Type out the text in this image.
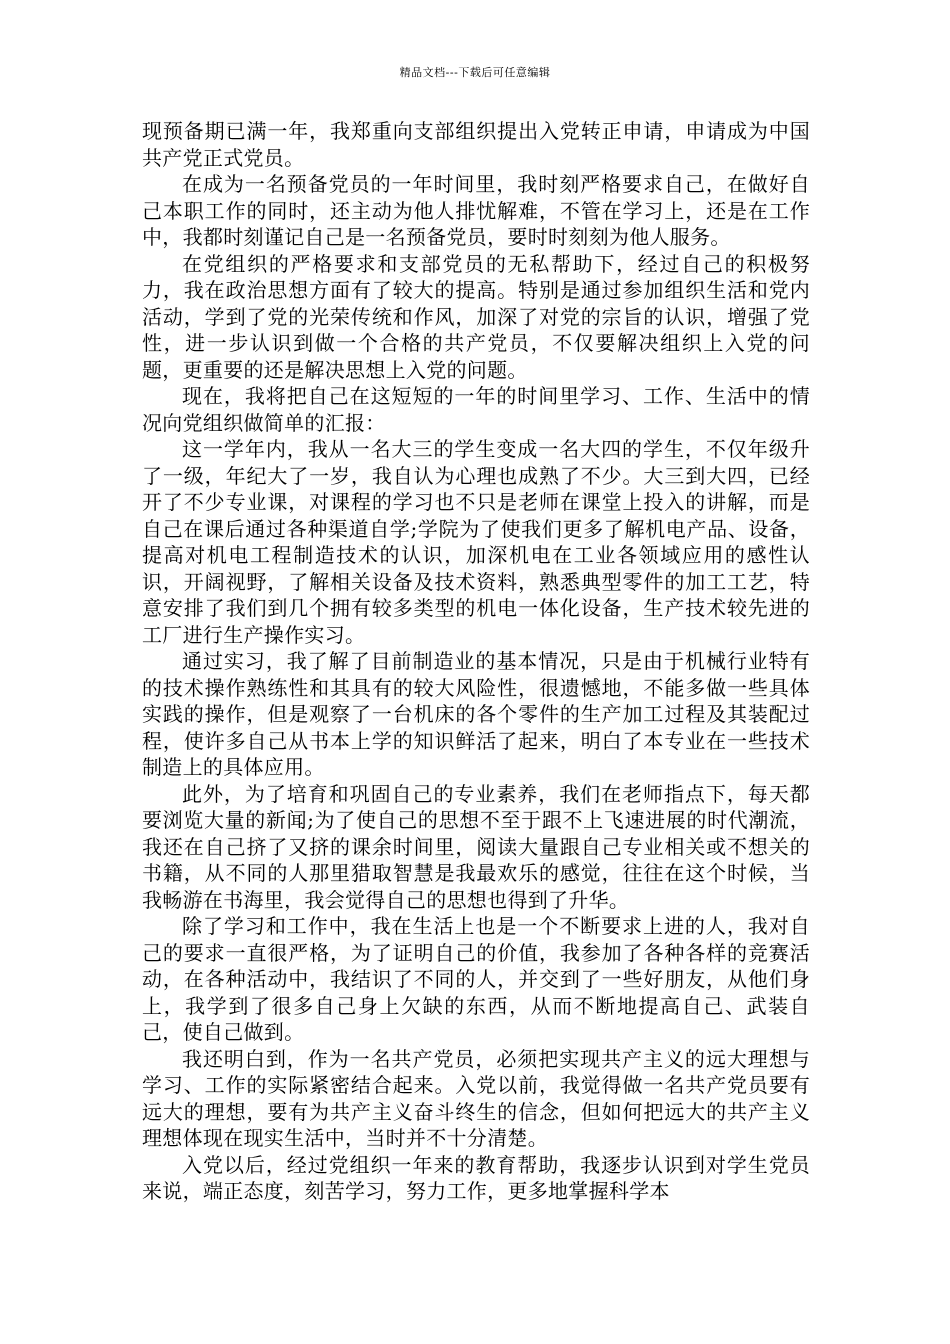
精品文档---下载后可任意编辑

现预备期已满一年，我郑重向支部组织提出入党转正申请，申请成为中国共产党正式党员。

在成为一名预备党员的一年时间里，我时刻严格要求自己，在做好自己本职工作的同时，还主动为他人排忧解难，不管在学习上，还是在工作中，我都时刻谨记自己是一名预备党员，要时时刻刻为他人服务。

在党组织的严格要求和支部党员的无私帮助下，经过自己的积极努力，我在政治思想方面有了较大的提高。特别是通过参加组织生活和党内活动，学到了党的光荣传统和作风，加深了对党的宗旨的认识，增强了党性，进一步认识到做一个合格的共产党员，不仅要解决组织上入党的问题，更重要的还是解决思想上入党的问题。

现在，我将把自己在这短短的一年的时间里学习、工作、生活中的情况向党组织做简单的汇报：

这一学年内，我从一名大三的学生变成一名大四的学生，不仅年级升了一级，年纪大了一岁，我自认为心理也成熟了不少。大三到大四，已经开了不少专业课，对课程的学习也不只是老师在课堂上投入的讲解，而是自己在课后通过各种渠道自学;学院为了使我们更多了解机电产品、设备，提高对机电工程制造技术的认识，加深机电在工业各领域应用的感性认识，开阔视野，了解相关设备及技术资料，熟悉典型零件的加工工艺，特意安排了我们到几个拥有较多类型的机电一体化设备，生产技术较先进的工厂进行生产操作实习。

通过实习，我了解了目前制造业的基本情况，只是由于机械行业特有的技术操作熟练性和其具有的较大风险性，很遗憾地，不能多做一些具体实践的操作，但是观察了一台机床的各个零件的生产加工过程及其装配过程，使许多自己从书本上学的知识鲜活了起来，明白了本专业在一些技术制造上的具体应用。

此外，为了培育和巩固自己的专业素养，我们在老师指点下，每天都要浏览大量的新闻;为了使自己的思想不至于跟不上飞速进展的时代潮流，我还在自己挤了又挤的课余时间里，阅读大量跟自己专业相关或不想关的书籍，从不同的人那里猎取智慧是我最欢乐的感觉，往往在这个时候，当我畅游在书海里，我会觉得自己的思想也得到了升华。

除了学习和工作中，我在生活上也是一个不断要求上进的人，我对自己的要求一直很严格，为了证明自己的价值，我参加了各种各样的竞赛活动，在各种活动中，我结识了不同的人，并交到了一些好朋友，从他们身上，我学到了很多自己身上欠缺的东西，从而不断地提高自己、武装自己，使自己做到。

我还明白到，作为一名共产党员，必须把实现共产主义的远大理想与学习、工作的实际紧密结合起来。入党以前，我觉得做一名共产党员要有远大的理想，要有为共产主义奋斗终生的信念，但如何把远大的共产主义理想体现在现实生活中，当时并不十分清楚。

入党以后，经过党组织一年来的教育帮助，我逐步认识到对学生党员来说，端正态度，刻苦学习，努力工作，更多地掌握科学本
